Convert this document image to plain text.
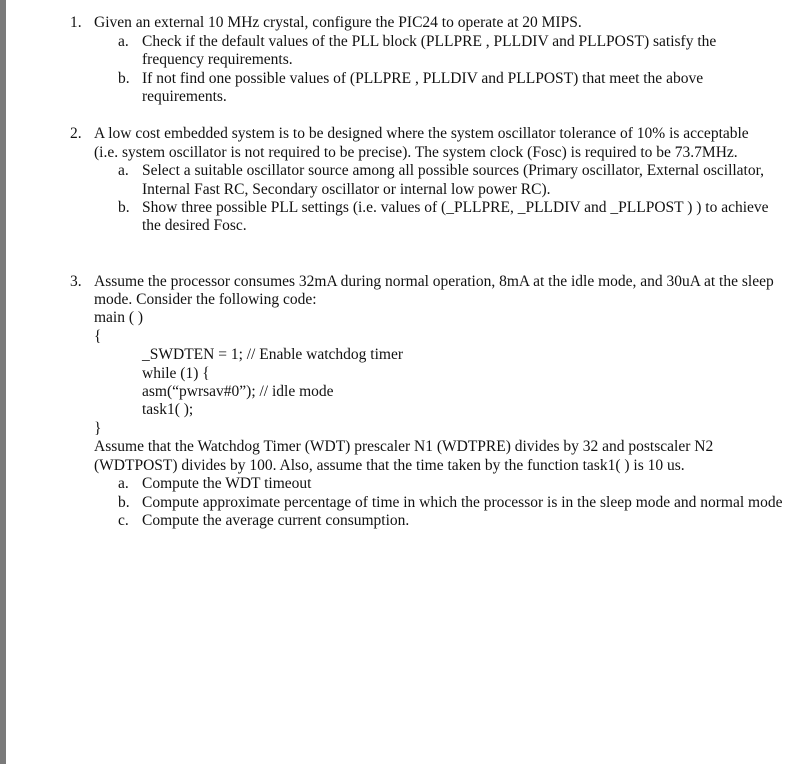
1. Given an external 10 MHz crystal, configure the PIC24 to operate at 20 MIPS.
a. Check if the default values of the PLL block (PLLPRE , PLLDIV and PLLPOST) satisfy the
frequency requirements.
b. If not find one possible values of (PLLPRE , PLLDIV and PLLPOST) that meet the above
requirements.
2. A low cost embedded system is to be designed where the system oscillator tolerance of 10% is acceptable
(i.e. system oscillator is not required to be precise). The system clock (Fosc) is required to be 73.7MHz.
a. Select a suitable oscillator source among all possible sources (Primary oscillator, External oscillator,
Internal Fast RC, Secondary oscillator or internal low power RC).
b. Show three possible PLL settings (i.e. values of (_PLLPRE, _PLLDIV and _PLLPOST ) ) to achieve
the desired Fosc.
3. Assume the processor consumes 32mA during normal operation, 8mA at the idle mode, and 30uA at the sleep
mode. Consider the following code:
main ( )
{
_SWDTEN = 1; // Enable watchdog timer
while (1) {
asm(“pwrsav#0”); // idle mode
task1( );
}
Assume that the Watchdog Timer (WDT) prescaler N1 (WDTPRE) divides by 32 and postscaler N2
(WDTPOST) divides by 100. Also, assume that the time taken by the function task1( ) is 10 us.
a. Compute the WDT timeout
b. Compute approximate percentage of time in which the processor is in the sleep mode and normal mode
c. Compute the average current consumption.
